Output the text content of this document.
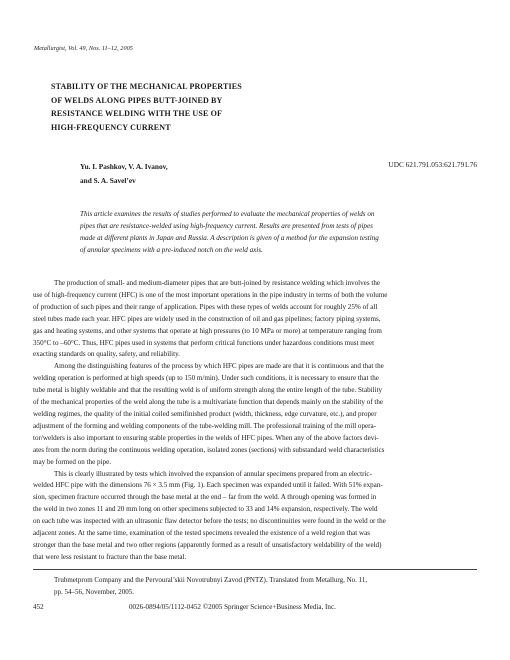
Metallurgist, Vol. 49, Nos. 11–12, 2005
STABILITY OF THE MECHANICAL PROPERTIES
OF WELDS ALONG PIPES BUTT-JOINED BY
RESISTANCE WELDING WITH THE USE OF
HIGH-FREQUENCY CURRENT
Yu. I. Pashkov, V. A. Ivanov,
and S. A. Savel’ev
UDC 621.791.053:621.791.76
This article examines the results of studies performed to evaluate the mechanical properties of welds on
pipes that are resistance-welded using high-frequency current. Results are presented from tests of pipes
made at different plants in Japan and Russia. A description is given of a method for the expansion testing
of annular specimens with a pre-induced notch on the weld axis.
The production of small- and medium-diameter pipes that are butt-joined by resistance welding which involves the
use of high-frequency current (HFC) is one of the most important operations in the pipe industry in terms of both the volume
of production of such pipes and their range of application. Pipes with these types of welds account for roughly 25% of all
steel tubes made each year. HFC pipes are widely used in the construction of oil and gas pipelines; factory piping systems,
gas and heating systems, and other systems that operate at high pressures (to 10 MPa or more) at temperature ranging from
350°C to –60°C. Thus, HFC pipes used in systems that perform critical functions under hazardous conditions must meet
exacting standards on quality, safety, and reliability.
Among the distinguishing features of the process by which HFC pipes are made are that it is continuous and that the
welding operation is performed at high speeds (up to 150 m/min). Under such conditions, it is necessary to ensure that the
tube metal is highly weldable and that the resulting weld is of uniform strength along the entire length of the tube. Stability
of the mechanical properties of the weld along the tube is a multivariate function that depends mainly on the stability of the
welding regimes, the quality of the initial coiled semifinished product (width, thickness, edge curvature, etc.), and proper
adjustment of the forming and welding components of the tube-welding mill. The professional training of the mill opera-
tor/welders is also important to ensuring stable properties in the welds of HFC pipes. When any of the above factors devi-
ates from the norm during the continuous welding operation, isolated zones (sections) with substandard weld characteristics
may be formed on the pipe.
This is clearly illustrated by tests which involved the expansion of annular specimens prepared from an electric-
welded HFC pipe with the dimensions 76 × 3.5 mm (Fig. 1). Each specimen was expanded until it failed. With 51% expan-
sion, specimen fracture occurred through the base metal at the end – far from the weld. A through opening was formed in
the weld in two zones 11 and 20 mm long on other specimens subjected to 33 and 14% expansion, respectively. The weld
on each tube was inspected with an ultrasonic flaw detector before the tests; no discontinuities were found in the weld or the
adjacent zones. At the same time, examination of the tested specimens revealed the existence of a weld region that was
stronger than the base metal and two other regions (apparently formed as a result of unsatisfactory weldability of the weld)
that were less resistant to fracture than the base metal.
Trubmetprom Company and the Pervoural’skii Novotrubnyi Zavod (PNTZ). Translated from Metallurg, No. 11,
pp. 54–56, November, 2005.
452	0026-0894/05/1112-0452 ©2005 Springer Science+Business Media, Inc.
